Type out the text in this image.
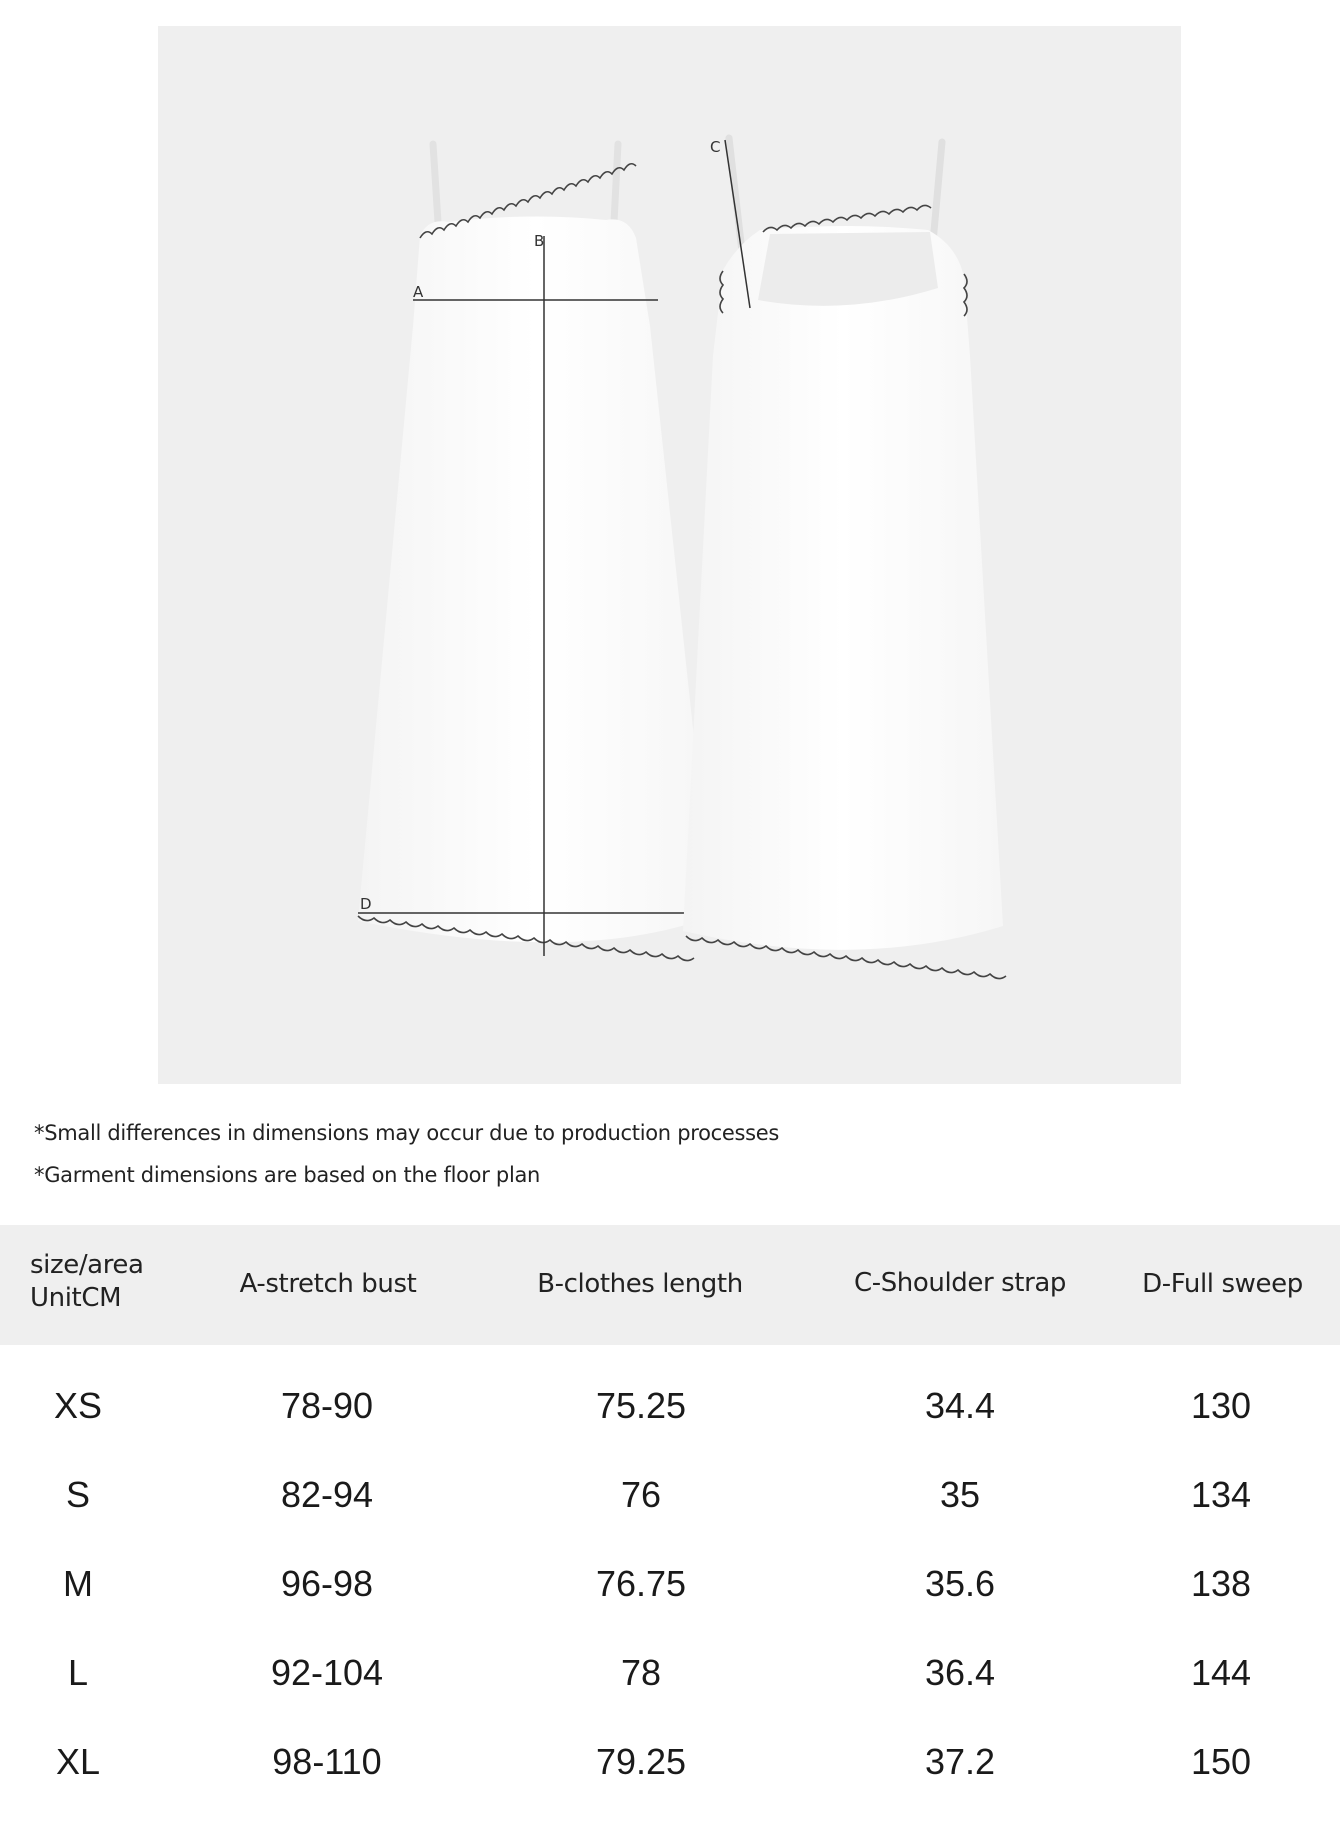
A
B
D
C
*Small differences in dimensions may occur due to production processes
*Garment dimensions are based on the floor plan
size/area
UnitCM	A-stretch bust	B-clothes length	C-Shoulder strap	D-Full sweep
XS	78-90	75.25	34.4	130
S	82-94	76	35	134
M	96-98	76.75	35.6	138
L	92-104	78	36.4	144
XL	98-110	79.25	37.2	150
